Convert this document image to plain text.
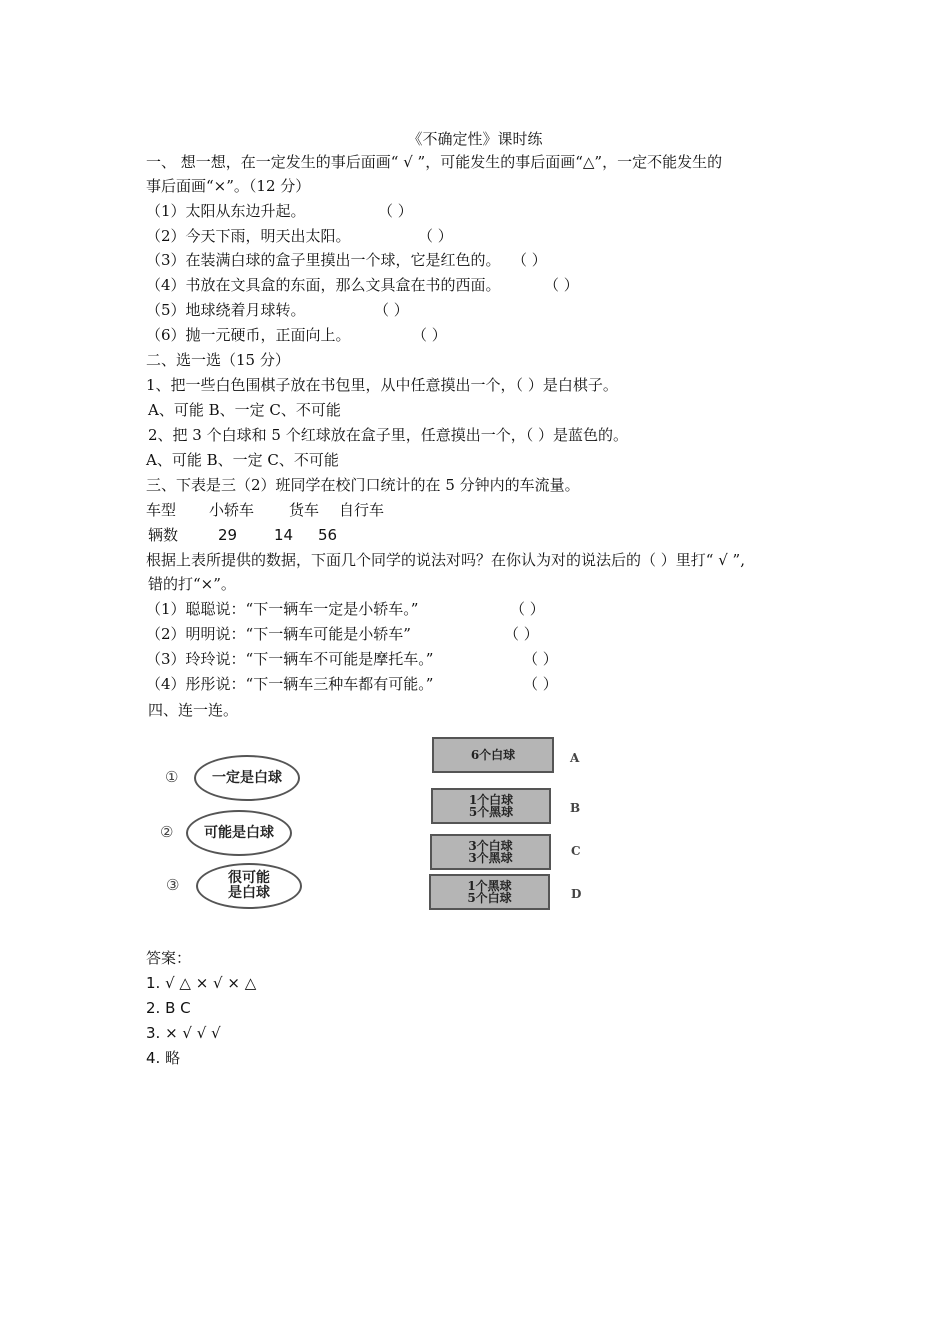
《不确定性》课时练
一、 想一想，在一定发生的事后面画“ √ ”，可能发生的事后面画“△”，一定不能发生的
事后面画“×”。（12 分）
（1）太阳从东边升起。	（ ）
（2）今天下雨，明天出太阳。	（ ）
（3）在装满白球的盒子里摸出一个球，它是红色的。 （ ）
（4）书放在文具盒的东面，那么文具盒在书的西面。	（ ）
（5）地球绕着月球转。	（ ）
（6）抛一元硬币，正面向上。	（ ）
二、选一选（15 分）
1、把一些白色围棋子放在书包里，从中任意摸出一个，（ ）是白棋子。
A、可能 B、一定 C、不可能
2、把 3 个白球和 5 个红球放在盒子里，任意摸出一个，（ ）是蓝色的。
A、可能 B、一定 C、不可能
三、下表是三（2）班同学在校门口统计的在 5 分钟内的车流量。
车型 小轿车 货车 自行车
辆数	29 14 56
根据上表所提供的数据，下面几个同学的说法对吗？在你认为对的说法后的（ ）里打“ √ ”,
错的打“×”。
（1）聪聪说：“下一辆车一定是小轿车。”	（ ）
（2）明明说：“下一辆车可能是小轿车”	（ ）
（3）玲玲说：“下一辆车不可能是摩托车。”	（ ）
（4）彤彤说：“下一辆车三种车都有可能。”	（ ）
四、连一连。
① 一定是白球
② 可能是白球
③	很可能
是白球
6个白球	A
1个白球
5个黑球	B
3个白球
3个黑球	C
1个黑球
5个白球	D
答案：
1. √ △ × √ × △
2. B C
3. × √ √ √
4. 略
